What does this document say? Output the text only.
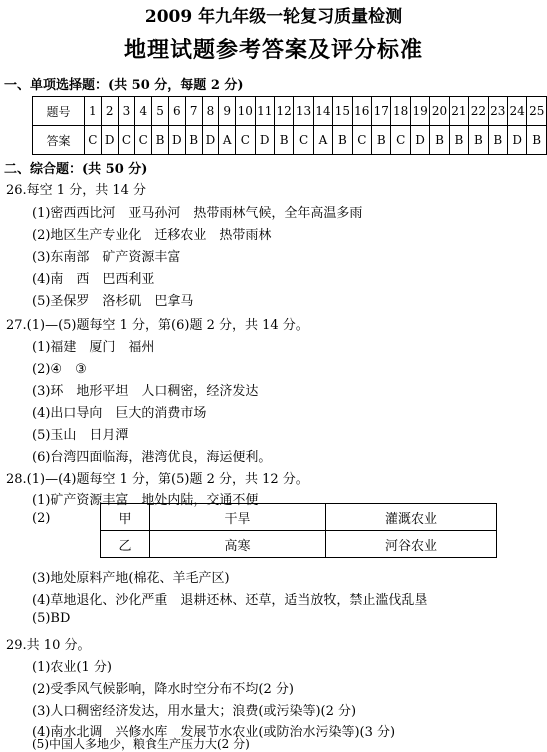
2009 年九年级一轮复习质量检测
地理试题参考答案及评分标准
一、单项选择题：(共 50 分，每题 2 分)
题号	1	2	3	4	5	6	7	8	9	10	11	12	13	14	15	16	17	18	19	20	21	22	23	24	25
答案	C	D	C	C	B	D	B	D	A	C	D	B	C	A	B	C	B	C	D	B	B	B	B	D	B
二、综合题：(共 50 分)
26.每空 1 分，共 14 分
(1)密西西比河　亚马孙河　热带雨林气候，全年高温多雨
(2)地区生产专业化　迁移农业　热带雨林
(3)东南部　矿产资源丰富
(4)南　西　巴西利亚
(5)圣保罗　洛杉矶　巴拿马
27.(1)—(5)题每空 1 分，第(6)题 2 分，共 14 分。
(1)福建　厦门　福州
(2)④　③
(3)环　地形平坦　人口稠密，经济发达
(4)出口导向　巨大的消费市场
(5)玉山　日月潭
(6)台湾四面临海，港湾优良，海运便利。
28.(1)—(4)题每空 1 分，第(5)题 2 分，共 12 分。
(1)矿产资源丰富　地处内陆，交通不便
(2)	甲	干旱	灌溉农业
乙	高寒	河谷农业
(3)地处原料产地(棉花、羊毛产区)
(4)草地退化、沙化严重　退耕还林、还草，适当放牧，禁止滥伐乱垦
(5)BD
29.共 10 分。
(1)农业(1 分)
(2)受季风气候影响，降水时空分布不均(2 分)
(3)人口稠密经济发达，用水量大；浪费(或污染等)(2 分)
(4)南水北调　兴修水库　发展节水农业(或防治水污染等)(3 分)
(5)中国人多地少，粮食生产压力大(2 分)
